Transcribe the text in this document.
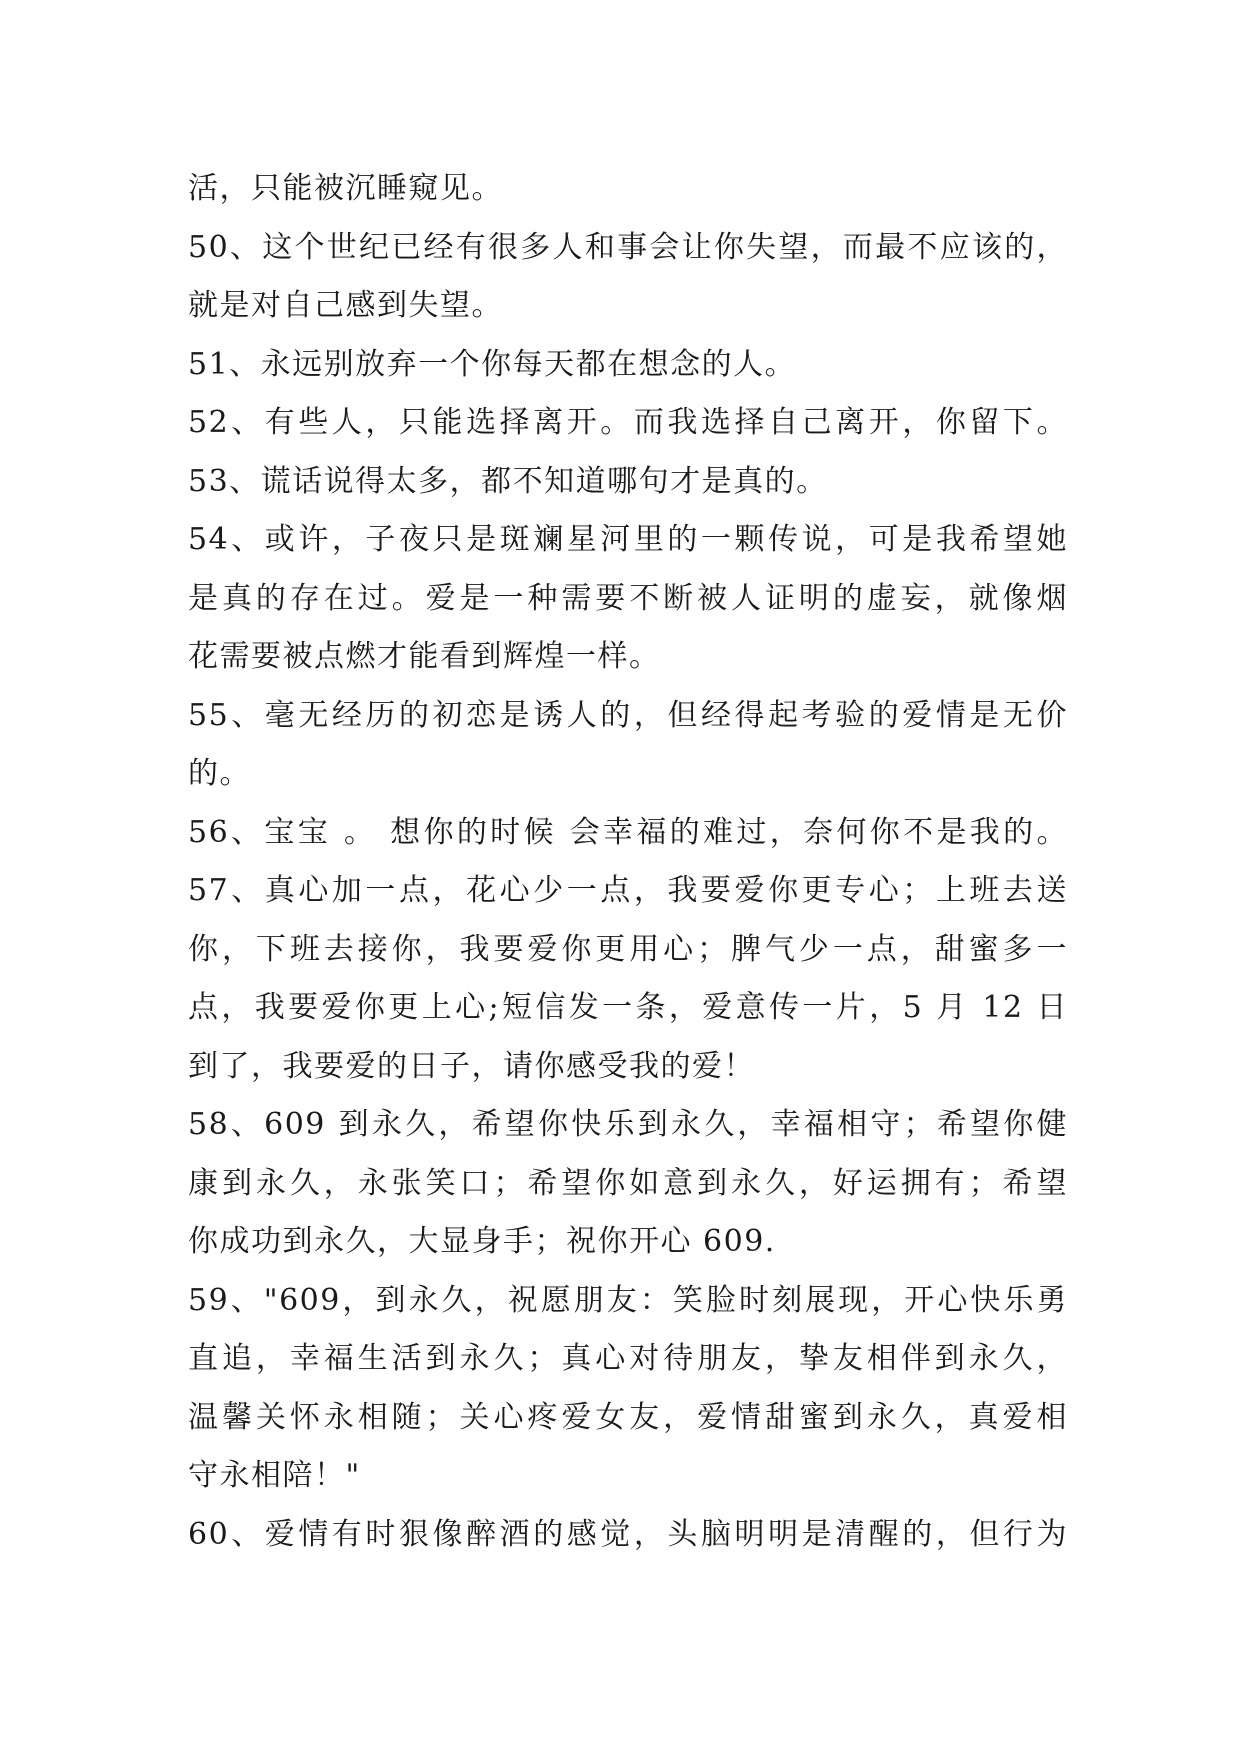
活，只能被沉睡窥见。
50、这个世纪已经有很多人和事会让你失望，而最不应该的，
就是对自己感到失望。
51、永远别放弃一个你每天都在想念的人。
52、有些人，只能选择离开。而我选择自己离开，你留下。
53、谎话说得太多，都不知道哪句才是真的。
54、或许，子夜只是斑斓星河里的一颗传说，可是我希望她
是真的存在过。爱是一种需要不断被人证明的虚妄，就像烟
花需要被点燃才能看到辉煌一样。
55、毫无经历的初恋是诱人的，但经得起考验的爱情是无价
的。
56、宝宝 。 想你的时候 会幸福的难过，奈何你不是我的。
57、真心加一点，花心少一点，我要爱你更专心；上班去送
你，下班去接你，我要爱你更用心；脾气少一点，甜蜜多一
点，我要爱你更上心;短信发一条，爱意传一片，5 月 12 日
到了，我要爱的日子，请你感受我的爱！
58、609 到永久，希望你快乐到永久，幸福相守；希望你健
康到永久，永张笑口；希望你如意到永久，好运拥有；希望
你成功到永久，大显身手；祝你开心 609.
59、"609，到永久，祝愿朋友：笑脸时刻展现，开心快乐勇
直追，幸福生活到永久；真心对待朋友，挚友相伴到永久，
温馨关怀永相随；关心疼爱女友，爱情甜蜜到永久，真爱相
守永相陪！"
60、爱情有时狠像醉酒的感觉，头脑明明是清醒的，但行为
